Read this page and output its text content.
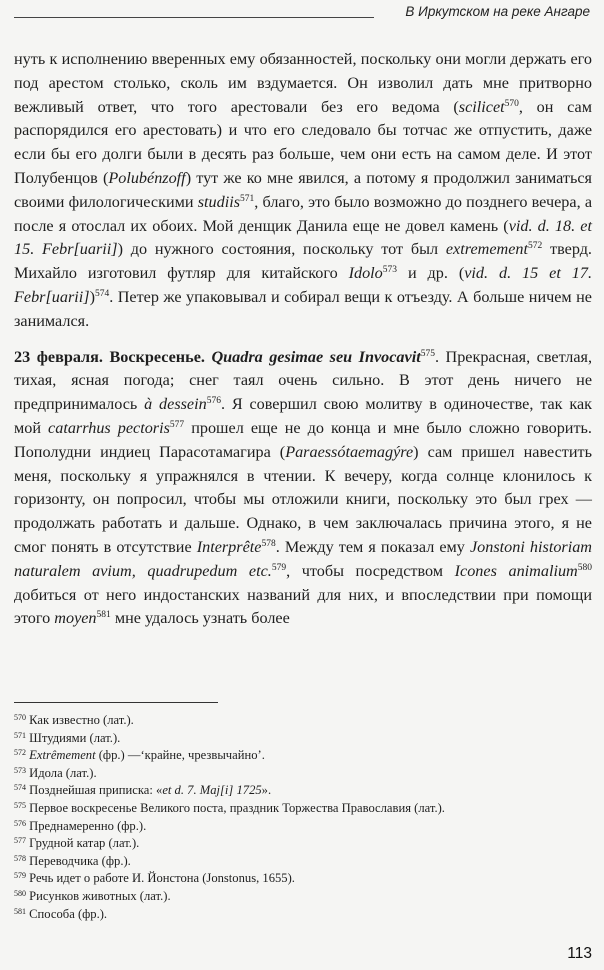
В Иркутском на реке Ангаре

нуть к исполнению вверенных ему обязанностей, поскольку они могли держать его под арестом столько, сколь им вздумается. Он изволил дать мне притворно вежливый ответ, что того арестовали без его ведома (scilicet$^{570}$, он сам распорядился его арестовать) и что его следовало бы тотчас же отпустить, даже если бы его долги были в десять раз больше, чем они есть на самом деле. И этот Полубенцов (Polubénzoff) тут же ко мне явился, а потому я продолжил заниматься своими филологическими studiis$^{571}$, благо, это было возможно до позднего вечера, а после я отослал их обоих. Мой денщик Данила еще не довел камень (vid. d. 18. et 15. Febr[uarii]) до нужного состояния, поскольку тот был extremement$^{572}$ тверд. Михайло изготовил футляр для китайского Idolo$^{573}$ и др. (vid. d. 15 et 17. Febr[uarii])$^{574}$. Петер же упаковывал и собирал вещи к отъезду. А больше ничем не занимался.

23 февраля. Воскресенье. Quadra gesimae seu Invocavit$^{575}$. Прекрасная, светлая, тихая, ясная погода; снег таял очень сильно. В этот день ничего не предпринималось à dessein$^{576}$. Я совершил свою молитву в одиночестве, так как мой catarrhus pectoris$^{577}$ прошел еще не до конца и мне было сложно говорить. Пополудни индиец Парасотамагира (Paraessótaemagýre) сам пришел навестить меня, поскольку я упражнялся в чтении. К вечеру, когда солнце клонилось к горизонту, он попросил, чтобы мы отложили книги, поскольку это был грех — продолжать работать и дальше. Однако, в чем заключалась причина этого, я не смог понять в отсутствие Interprête$^{578}$. Между тем я показал ему Jonstoni historiam naturalem avium, quadrupedum etc.$^{579}$, чтобы посредством Icones animalium$^{580}$ добиться от него индостанских названий для них, и впоследствии при помощи этого moyen$^{581}$ мне удалось узнать более

$^{570}$ Как известно (лат.).
$^{571}$ Штудиями (лат.).
$^{572}$ Extrêmement (фр.) —‘крайне, чрезвычайно’.
$^{573}$ Идола (лат.).
$^{574}$ Позднейшая приписка: «et d. 7. Maj[i] 1725».
$^{575}$ Первое воскресенье Великого поста, праздник Торжества Православия (лат.).
$^{576}$ Преднамеренно (фр.).
$^{577}$ Грудной катар (лат.).
$^{578}$ Переводчика (фр.).
$^{579}$ Речь идет о работе И. Йонстона (Jonstonus, 1655).
$^{580}$ Рисунков животных (лат.).
$^{581}$ Способа (фр.).
113
